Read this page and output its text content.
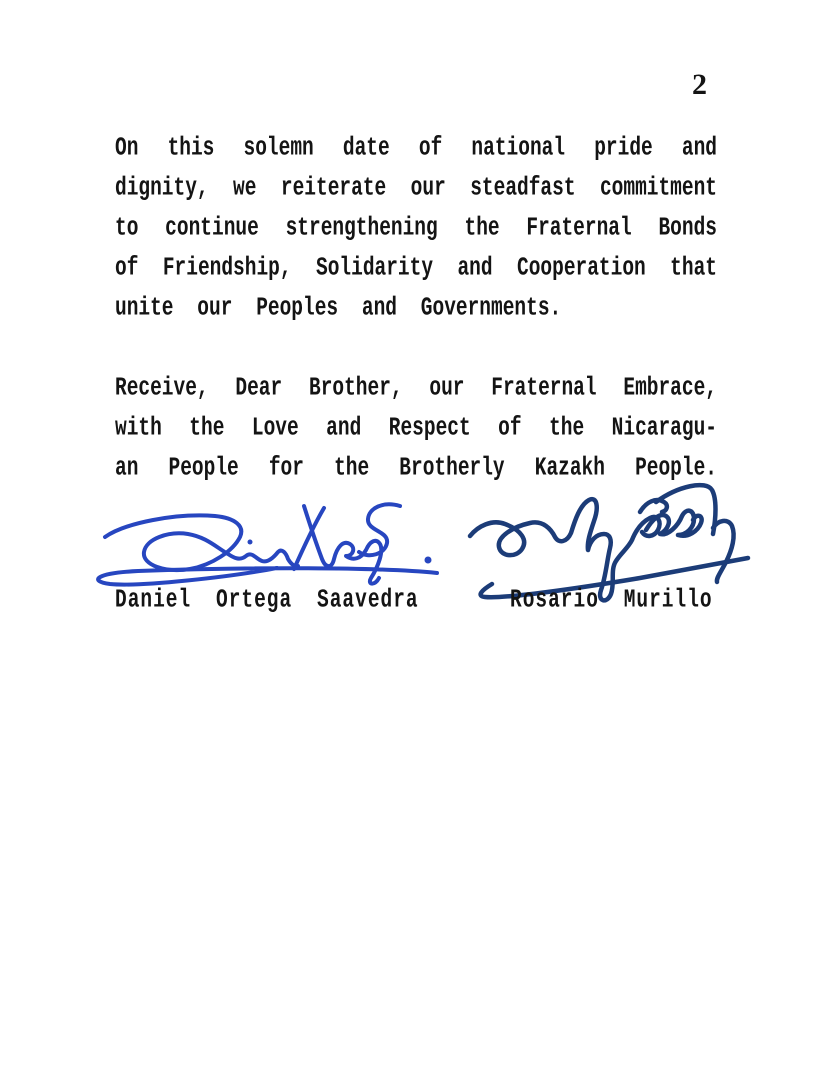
2
On this solemn date of national pride and
dignity, we reiterate our steadfast commitment
to continue strengthening the Fraternal Bonds
of Friendship, Solidarity and Cooperation that
unite our Peoples and Governments.
Receive, Dear Brother, our Fraternal Embrace,
with the Love and Respect of the Nicaragu-
an People for the Brotherly Kazakh People.
Daniel Ortega Saavedra	Rosario Murillo
